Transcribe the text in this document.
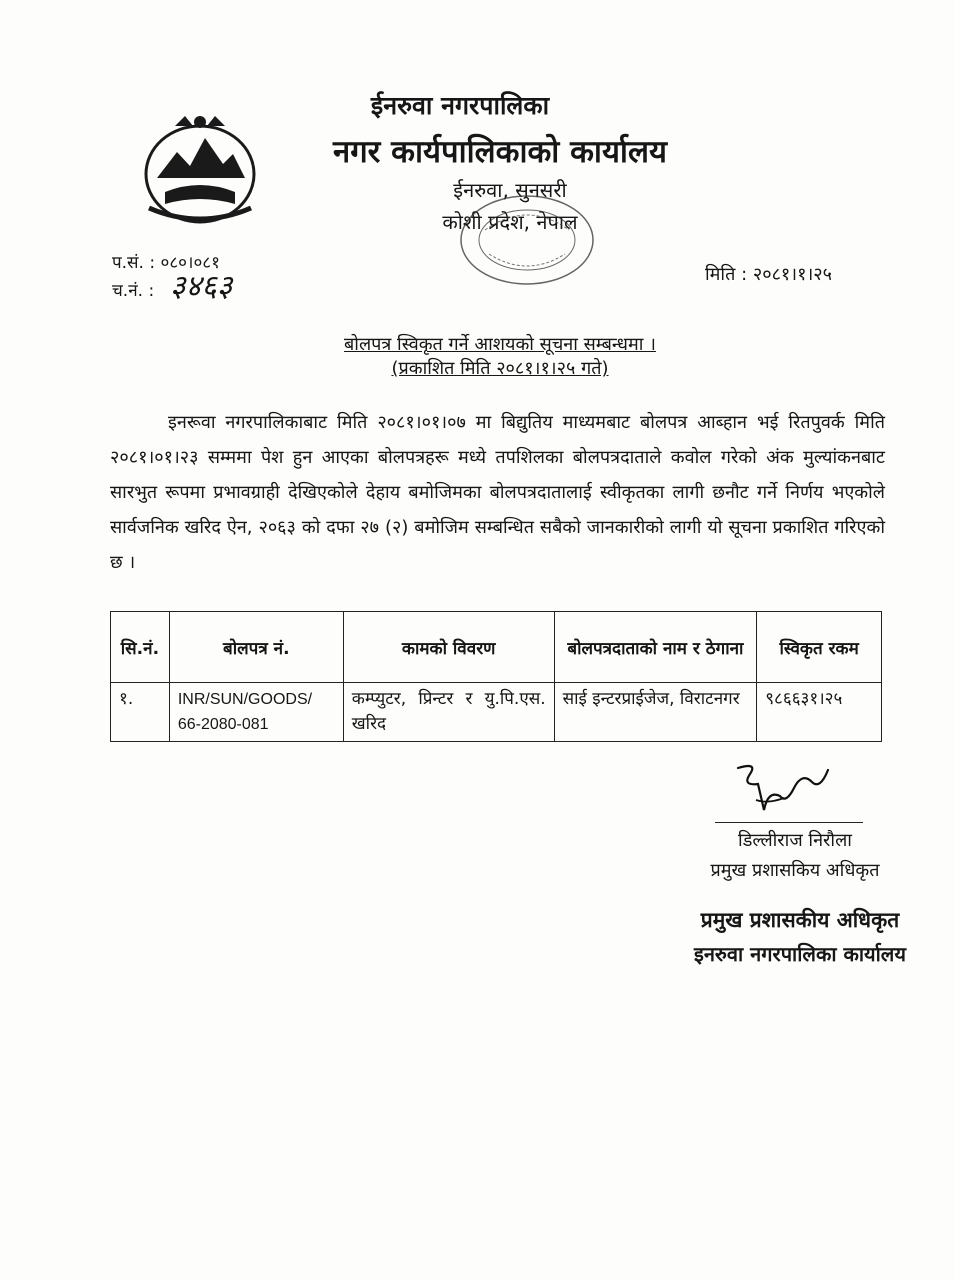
ईनरुवा नगरपालिका
नगर कार्यपालिकाको कार्यालय
ईनरुवा, सुनसरी
कोशी प्रदेश, नेपाल
प.सं. : ०८०।०८१
च.नं. : ३४६३	मिति : २०८१।१।२५
बोलपत्र स्विकृत गर्ने आशयको सूचना सम्बन्धमा ।
(प्रकाशित मिति २०८१।१।२५ गते)
इनरूवा नगरपालिकाबाट मिति २०८१।०१।०७ मा बिद्युतिय माध्यमबाट बोलपत्र आब्हान भई रितपुवर्क मिति २०८१।०१।२३ सम्ममा पेश हुन आएका बोलपत्रहरू मध्ये तपशिलका बोलपत्रदाताले कवोल गरेको अंक मुल्यांकनबाट सारभुत रूपमा प्रभावग्राही देखिएकोले देहाय बमोजिमका बोलपत्रदातालाई स्वीकृतका लागी छनौट गर्ने निर्णय भएकोले सार्वजनिक खरिद ऐन, २०६३ को दफा २७ (२) बमोजिम सम्बन्धित सबैको जानकारीको लागी यो सूचना प्रकाशित गरिएको छ ।
सि.नं.	बोलपत्र नं.	कामको विवरण	बोलपत्रदाताको नाम र ठेगाना	स्विकृत रकम
१.	INR/SUN/GOODS/ 66-2080-081	कम्प्युटर, प्रिन्टर र यु.पि.एस. खरिद	साई इन्टरप्राईजेज, विराटनगर	९८६६३१।२५
डिल्लीराज निरौला
प्रमुख प्रशासकिय अधिकृत
प्रमुख प्रशासकीय अधिकृत
इनरुवा नगरपालिका कार्यालय
